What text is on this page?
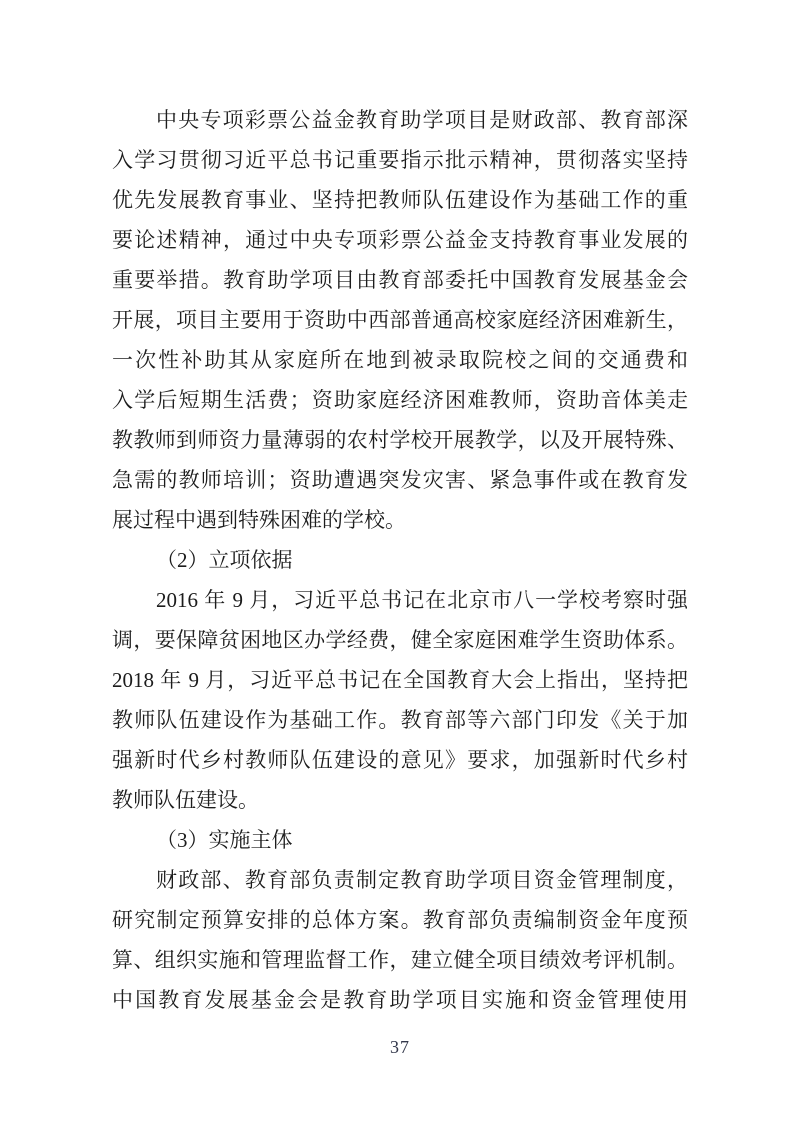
中央专项彩票公益金教育助学项目是财政部、教育部深
入学习贯彻习近平总书记重要指示批示精神，贯彻落实坚持
优先发展教育事业、坚持把教师队伍建设作为基础工作的重
要论述精神，通过中央专项彩票公益金支持教育事业发展的
重要举措。教育助学项目由教育部委托中国教育发展基金会
开展，项目主要用于资助中西部普通高校家庭经济困难新生，
一次性补助其从家庭所在地到被录取院校之间的交通费和
入学后短期生活费；资助家庭经济困难教师，资助音体美走
教教师到师资力量薄弱的农村学校开展教学，以及开展特殊、
急需的教师培训；资助遭遇突发灾害、紧急事件或在教育发
展过程中遇到特殊困难的学校。
（2）立项依据
2016 年 9 月，习近平总书记在北京市八一学校考察时强
调，要保障贫困地区办学经费，健全家庭困难学生资助体系。
2018 年 9 月，习近平总书记在全国教育大会上指出，坚持把
教师队伍建设作为基础工作。教育部等六部门印发《关于加
强新时代乡村教师队伍建设的意见》要求，加强新时代乡村
教师队伍建设。
（3）实施主体
财政部、教育部负责制定教育助学项目资金管理制度，
研究制定预算安排的总体方案。教育部负责编制资金年度预
算、组织实施和管理监督工作，建立健全项目绩效考评机制。
中国教育发展基金会是教育助学项目实施和资金管理使用
37
